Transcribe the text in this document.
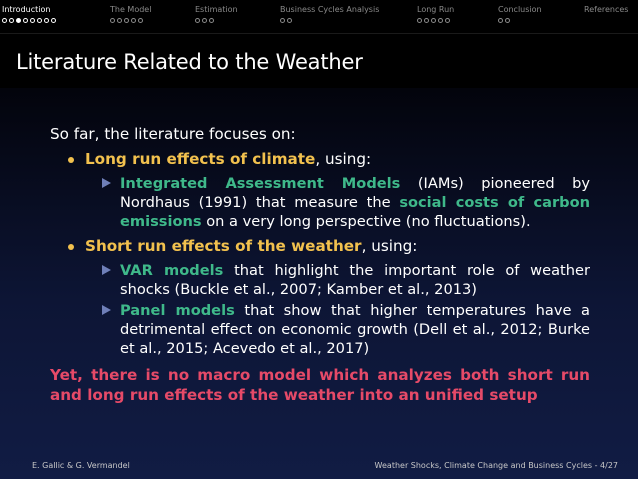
Introduction	The Model	Estimation	Business Cycles Analysis	Long Run	Conclusion	References
Literature Related to the Weather

So far, the literature focuses on:

Long run effects of climate, using:

Integrated Assessment Models (IAMs) pioneered by Nordhaus (1991) that measure the social costs of carbon emissions on a very long perspective (no fluctuations).

Short run effects of the weather, using:

VAR models that highlight the important role of weather shocks (Buckle et al., 2007; Kamber et al., 2013)

Panel models that show that higher temperatures have a detrimental effect on economic growth (Dell et al., 2012; Burke et al., 2015; Acevedo et al., 2017)

Yet, there is no macro model which analyzes both short run and long run effects of the weather into an unified setup
E. Gallic & G. Vermandel	Weather Shocks, Climate Change and Business Cycles - 4/27
